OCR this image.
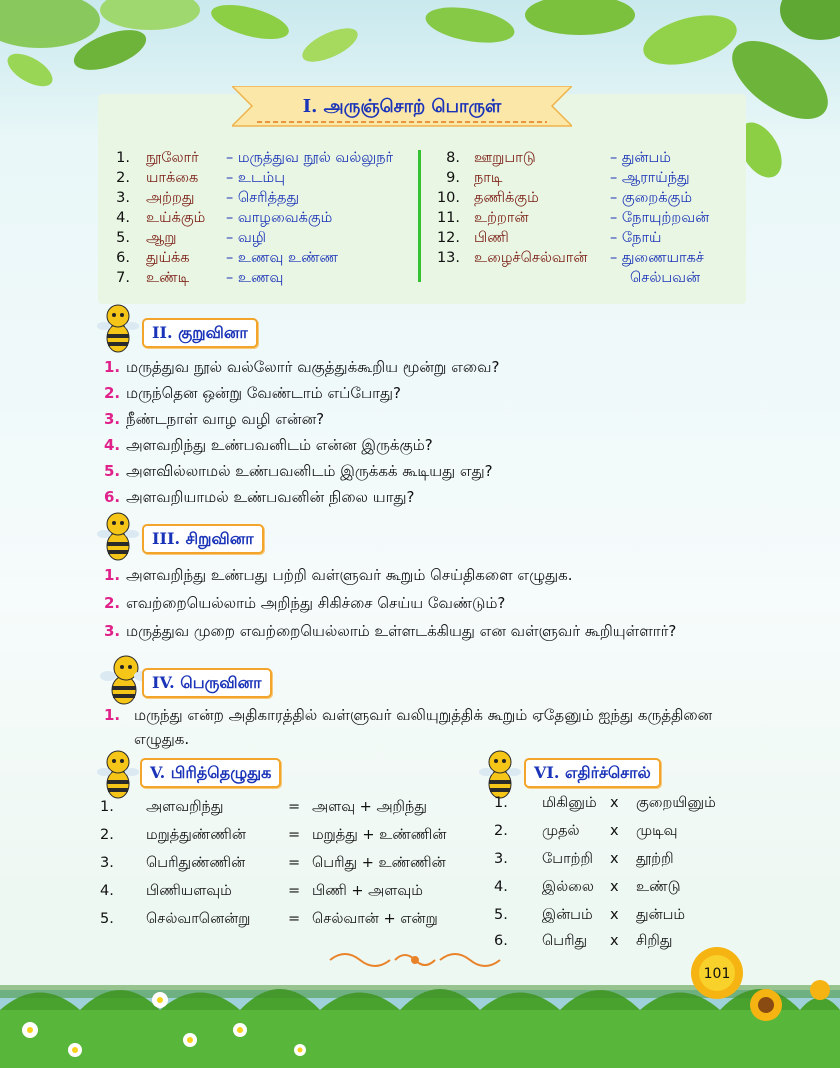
I. அருஞ்சொற் பொருள்
1. நூலோர் – மருத்துவ நூல் வல்லுநர்
2. யாக்கை – உடம்பு
3. அற்றது – செரித்தது
4. உய்க்கும் – வாழவைக்கும்
5. ஆறு	– வழி
6. துய்க்க	– உணவு உண்ண
7. உண்டி	– உணவு
8. ஊறுபாடு	– துன்பம்
9. நாடி	– ஆராய்ந்து
10. தணிக்கும்	– குறைக்கும்
11. உற்றான்	– நோயுற்றவன்
12. பிணி	– நோய்
13. உழைச்செல்வான் – துணையாகச்
செல்பவன்
II. குறுவினா
1. மருத்துவ நூல் வல்லோர் வகுத்துக்கூறிய மூன்று எவை?
2. மருந்தென ஒன்று வேண்டாம் எப்போது?
3. நீண்டநாள் வாழ வழி என்ன?
4. அளவறிந்து உண்பவனிடம் என்ன இருக்கும்?
5. அளவில்லாமல் உண்பவனிடம் இருக்கக் கூடியது எது?
6. அளவறியாமல் உண்பவனின் நிலை யாது?
III. சிறுவினா
1. அளவறிந்து உண்பது பற்றி வள்ளுவர் கூறும் செய்திகளை எழுதுக.
2. எவற்றையெல்லாம் அறிந்து சிகிச்சை செய்ய வேண்டும்?
3. மருத்துவ முறை எவற்றையெல்லாம் உள்ளடக்கியது என வள்ளுவர் கூறியுள்ளார்?
IV. பெருவினா
1. மருந்து என்ற அதிகாரத்தில் வள்ளுவர் வலியுறுத்திக் கூறும் ஏதேனும் ஐந்து கருத்தினை
எழுதுக.
V. பிரித்தெழுதுக
1. அளவறிந்து	= அளவு + அறிந்து
2. மறுத்துண்ணின்	= மறுத்து + உண்ணின்
3. பெரிதுண்ணின்	= பெரிது + உண்ணின்
4. பிணியளவும்	= பிணி + அளவும்
5. செல்வானென்று	= செல்வான் + என்று
VI. எதிர்ச்சொல்
1. மிகினும் x குறையினும்
2. முதல் x முடிவு
3. போற்றி x தூற்றி
4. இல்லை x உண்டு
5. இன்பம் x துன்பம்
6. பெரிது x சிறிது
101
